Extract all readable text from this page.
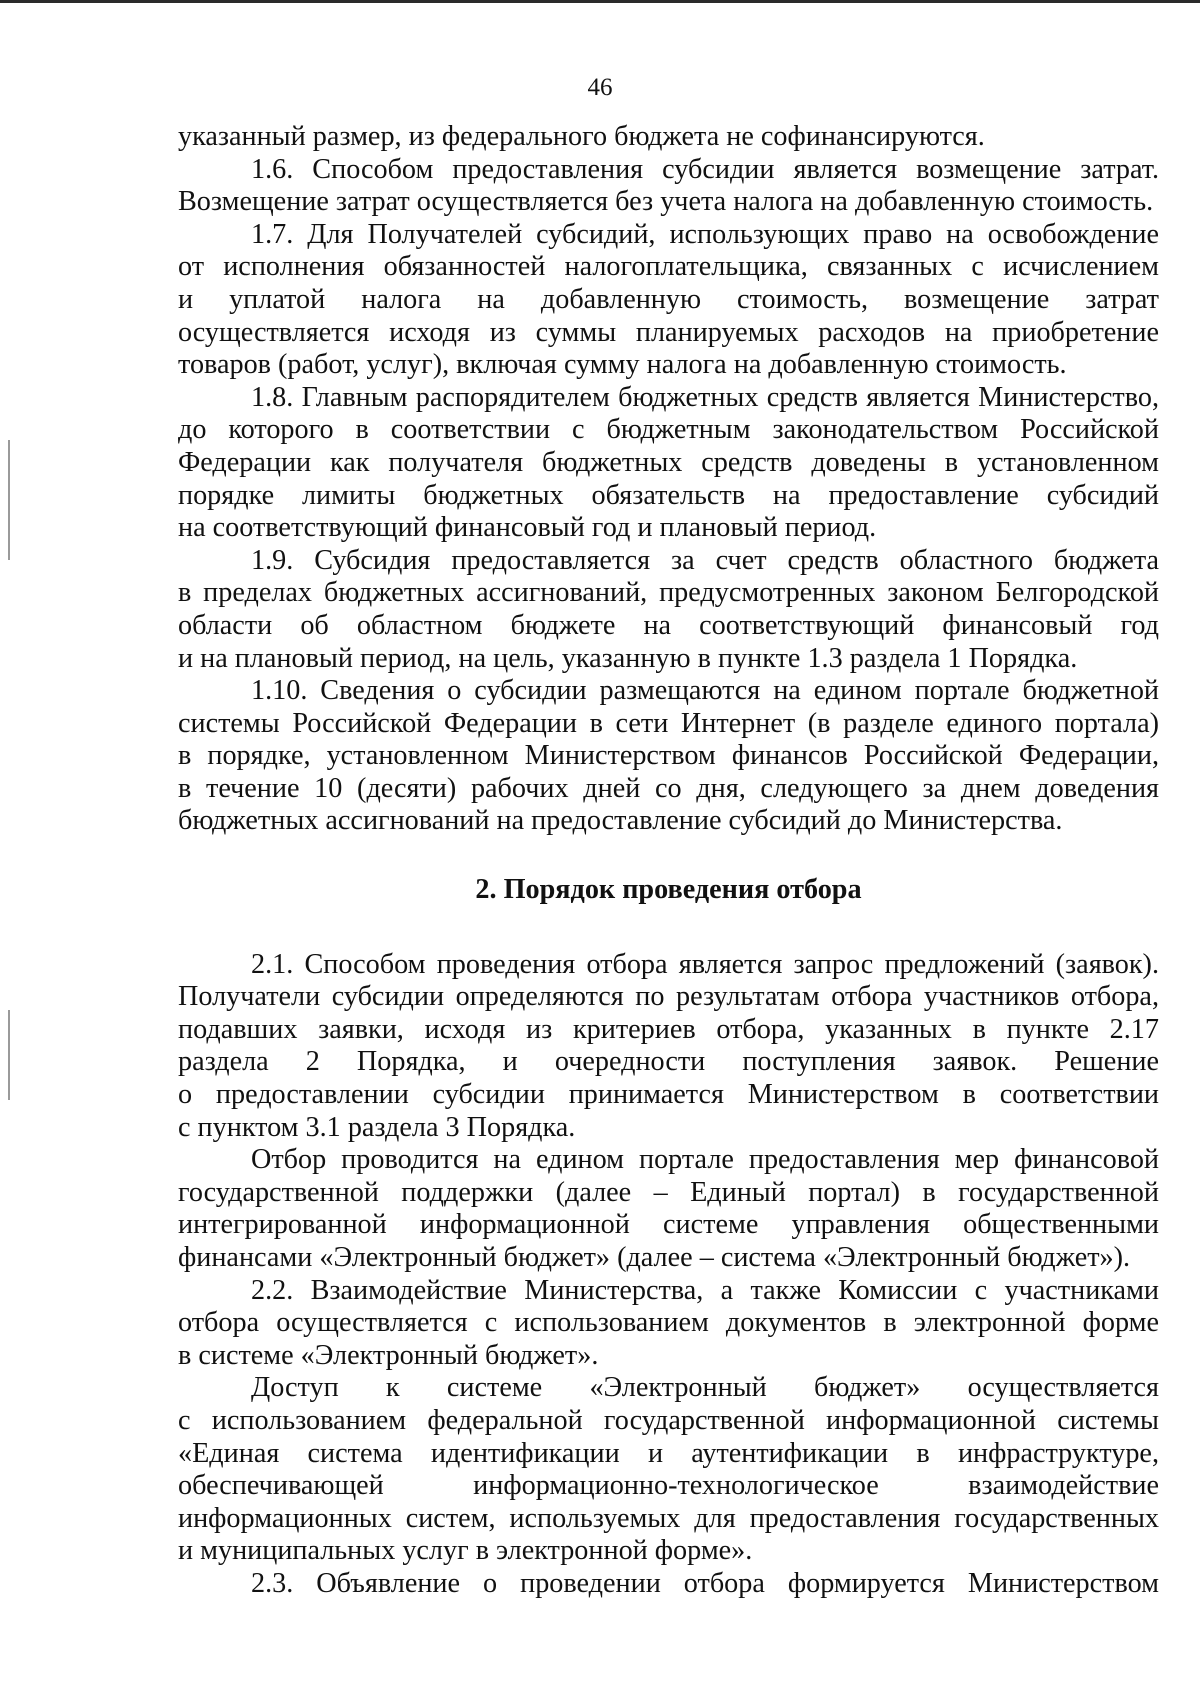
46
указанный размер, из федерального бюджета не софинансируются.
1.6. Способом предоставления субсидии является возмещение затрат.
Возмещение затрат осуществляется без учета налога на добавленную стоимость.
1.7. Для Получателей субсидий, использующих право на освобождение
от исполнения обязанностей налогоплательщика, связанных с исчислением
и уплатой налога на добавленную стоимость, возмещение затрат
осуществляется исходя из суммы планируемых расходов на приобретение
товаров (работ, услуг), включая сумму налога на добавленную стоимость.
1.8. Главным распорядителем бюджетных средств является Министерство,
до которого в соответствии с бюджетным законодательством Российской
Федерации как получателя бюджетных средств доведены в установленном
порядке лимиты бюджетных обязательств на предоставление субсидий
на соответствующий финансовый год и плановый период.
1.9. Субсидия предоставляется за счет средств областного бюджета
в пределах бюджетных ассигнований, предусмотренных законом Белгородской
области об областном бюджете на соответствующий финансовый год
и на плановый период, на цель, указанную в пункте 1.3 раздела 1 Порядка.
1.10. Сведения о субсидии размещаются на едином портале бюджетной
системы Российской Федерации в сети Интернет (в разделе единого портала)
в порядке, установленном Министерством финансов Российской Федерации,
в течение 10 (десяти) рабочих дней со дня, следующего за днем доведения
бюджетных ассигнований на предоставление субсидий до Министерства.
2. Порядок проведения отбора
2.1. Способом проведения отбора является запрос предложений (заявок).
Получатели субсидии определяются по результатам отбора участников отбора,
подавших заявки, исходя из критериев отбора, указанных в пункте 2.17
раздела 2 Порядка, и очередности поступления заявок. Решение
о предоставлении субсидии принимается Министерством в соответствии
с пунктом 3.1 раздела 3 Порядка.
Отбор проводится на едином портале предоставления мер финансовой
государственной поддержки (далее – Единый портал) в государственной
интегрированной информационной системе управления общественными
финансами «Электронный бюджет» (далее – система «Электронный бюджет»).
2.2. Взаимодействие Министерства, а также Комиссии с участниками
отбора осуществляется с использованием документов в электронной форме
в системе «Электронный бюджет».
Доступ к системе «Электронный бюджет» осуществляется
с использованием федеральной государственной информационной системы
«Единая система идентификации и аутентификации в инфраструктуре,
обеспечивающей информационно-технологическое взаимодействие
информационных систем, используемых для предоставления государственных
и муниципальных услуг в электронной форме».
2.3. Объявление о проведении отбора формируется Министерством
